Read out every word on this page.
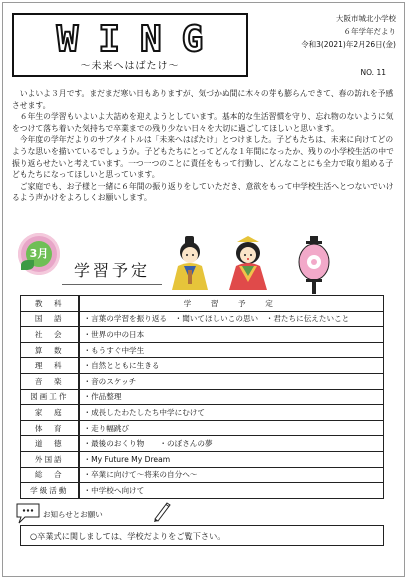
WING
～未来へはばたけ～
大阪市城北小学校
６年学年だより
令和3(2021)年2月26日(金)
NO. 11

いよいよ３月です。まだまだ寒い日もありますが、気づかぬ間に木々の芽も膨らんできて、春の訪れを予感させます。

６年生の学習もいよいよ大詰めを迎えようとしています。基本的な生活習慣を守り、忘れ物のないように気をつけて落ち着いた気持ちで卒業までの残り少ない日々を大切に過ごしてほしいと思います。

今年度の学年だよりのサブタイトルは「未来へはばたけ」とつけました。子どもたちは、未来に向けてどのような思いを描いているでしょうか。子どもたちにとってどんな１年間になったか、残りの小学校生活の中で振り返らせたいと考えています。一つ一つのことに責任をもって行動し、どんなことにも全力で取り組める子どもたちになってほしいと思っています。

ご家庭でも、お子様と一緒に６年間の振り返りをしていただき、意欲をもって中学校生活へとつないでいけるよう声かけをよろしくお願いします。

3月
学習予定
教　科	学　習　予　定
国　語	・言葉の学習を振り返る　・聞いてほしいこの思い　・君たちに伝えたいこと
社　会	・世界の中の日本
算　数	・もうすぐ中学生
理　科	・自然とともに生きる
音　楽	・音のスケッチ
図画工作	・作品整理
家　庭	・成長したわたしたち中学にむけて
体　育	・走り幅跳び
道　徳	・最後のおくり物　　・のぼさんの夢
外国語	・My Future My Dream
総　合	・卒業に向けて～将来の自分へ～
学級活動	・中学校へ向けて
お知らせとお願い
○卒業式に関しましては、学校だよりをご覧下さい。
